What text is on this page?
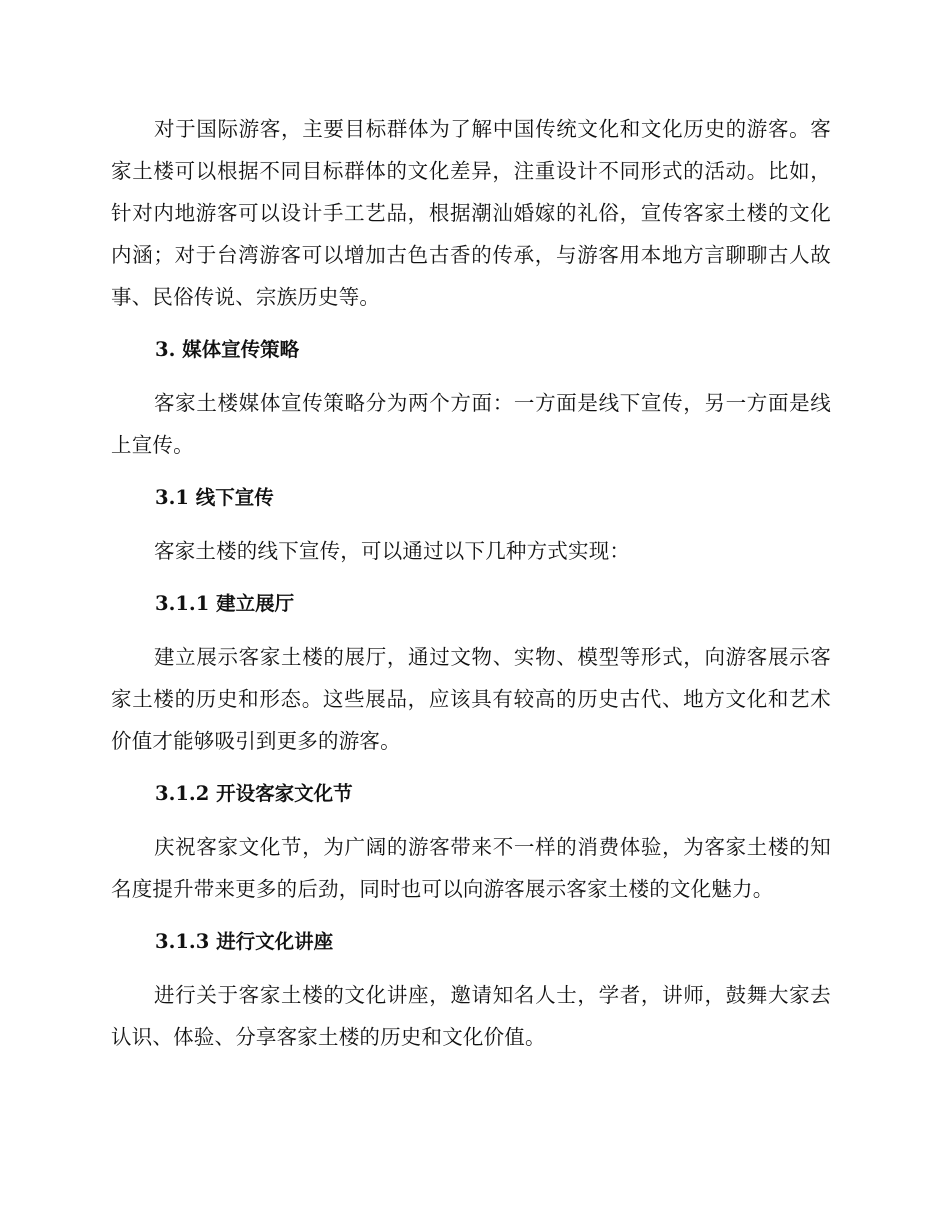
对于国际游客，主要目标群体为了解中国传统文化和文化历史的游客。客家土楼可以根据不同目标群体的文化差异，注重设计不同形式的活动。比如，针对内地游客可以设计手工艺品，根据潮汕婚嫁的礼俗，宣传客家土楼的文化内涵；对于台湾游客可以增加古色古香的传承，与游客用本地方言聊聊古人故事、民俗传说、宗族历史等。

3. 媒体宣传策略

客家土楼媒体宣传策略分为两个方面：一方面是线下宣传，另一方面是线上宣传。

3.1 线下宣传

客家土楼的线下宣传，可以通过以下几种方式实现：

3.1.1 建立展厅

建立展示客家土楼的展厅，通过文物、实物、模型等形式，向游客展示客家土楼的历史和形态。这些展品，应该具有较高的历史古代、地方文化和艺术价值才能够吸引到更多的游客。

3.1.2 开设客家文化节

庆祝客家文化节，为广阔的游客带来不一样的消费体验，为客家土楼的知名度提升带来更多的后劲，同时也可以向游客展示客家土楼的文化魅力。

3.1.3 进行文化讲座

进行关于客家土楼的文化讲座，邀请知名人士，学者，讲师，鼓舞大家去认识、体验、分享客家土楼的历史和文化价值。
